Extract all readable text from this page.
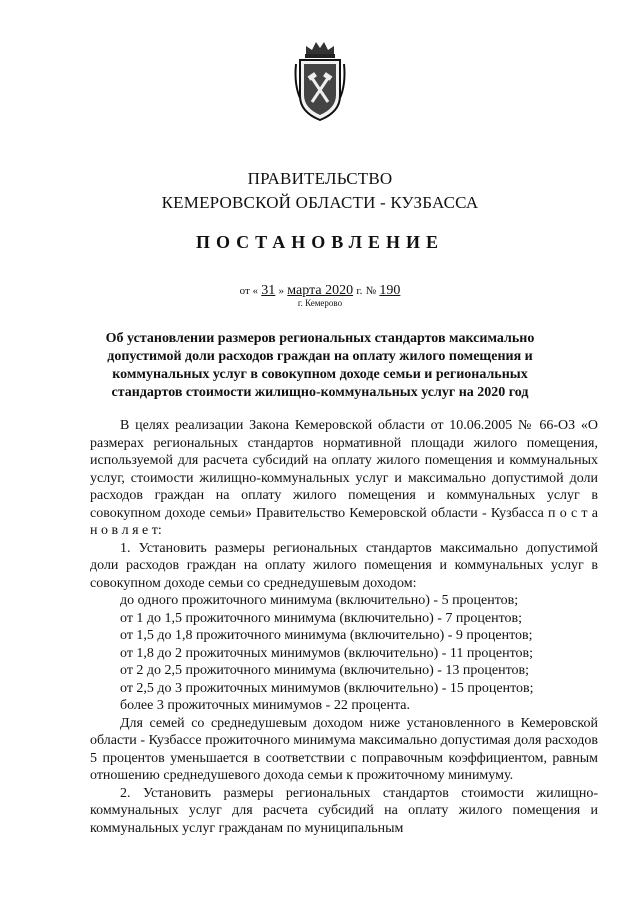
ПРАВИТЕЛЬСТВО
КЕМЕРОВСКОЙ ОБЛАСТИ - КУЗБАССА
ПОСТАНОВЛЕНИЕ
от « 31 » марта 2020 г. № 190
г. Кемерово
Об установлении размеров региональных стандартов максимально допустимой доли расходов граждан на оплату жилого помещения и коммунальных услуг в совокупном доходе семьи и региональных стандартов стоимости жилищно-коммунальных услуг на 2020 год

В целях реализации Закона Кемеровской области от 10.06.2005 № 66-ОЗ «О размерах региональных стандартов нормативной площади жилого помещения, используемой для расчета субсидий на оплату жилого помещения и коммунальных услуг, стоимости жилищно-коммунальных услуг и максимально допустимой доли расходов граждан на оплату жилого помещения и коммунальных услуг в совокупном доходе семьи» Правительство Кемеровской области - Кузбасса п о с т а н о в л я е т:

1. Установить размеры региональных стандартов максимально допустимой доли расходов граждан на оплату жилого помещения и коммунальных услуг в совокупном доходе семьи со среднедушевым доходом:

до одного прожиточного минимума (включительно) - 5 процентов;

от 1 до 1,5 прожиточного минимума (включительно) - 7 процентов;

от 1,5 до 1,8 прожиточного минимума (включительно) - 9 процентов;

от 1,8 до 2 прожиточных минимумов (включительно) - 11 процентов;

от 2 до 2,5 прожиточного минимума (включительно) - 13 процентов;

от 2,5 до 3 прожиточных минимумов (включительно) - 15 процентов;

более 3 прожиточных минимумов - 22 процента.

Для семей со среднедушевым доходом ниже установленного в Кемеровской области - Кузбассе прожиточного минимума максимально допустимая доля расходов 5 процентов уменьшается в соответствии с поправочным коэффициентом, равным отношению среднедушевого дохода семьи к прожиточному минимуму.

2. Установить размеры региональных стандартов стоимости жилищно-коммунальных услуг для расчета субсидий на оплату жилого помещения и коммунальных услуг гражданам по муниципальным
